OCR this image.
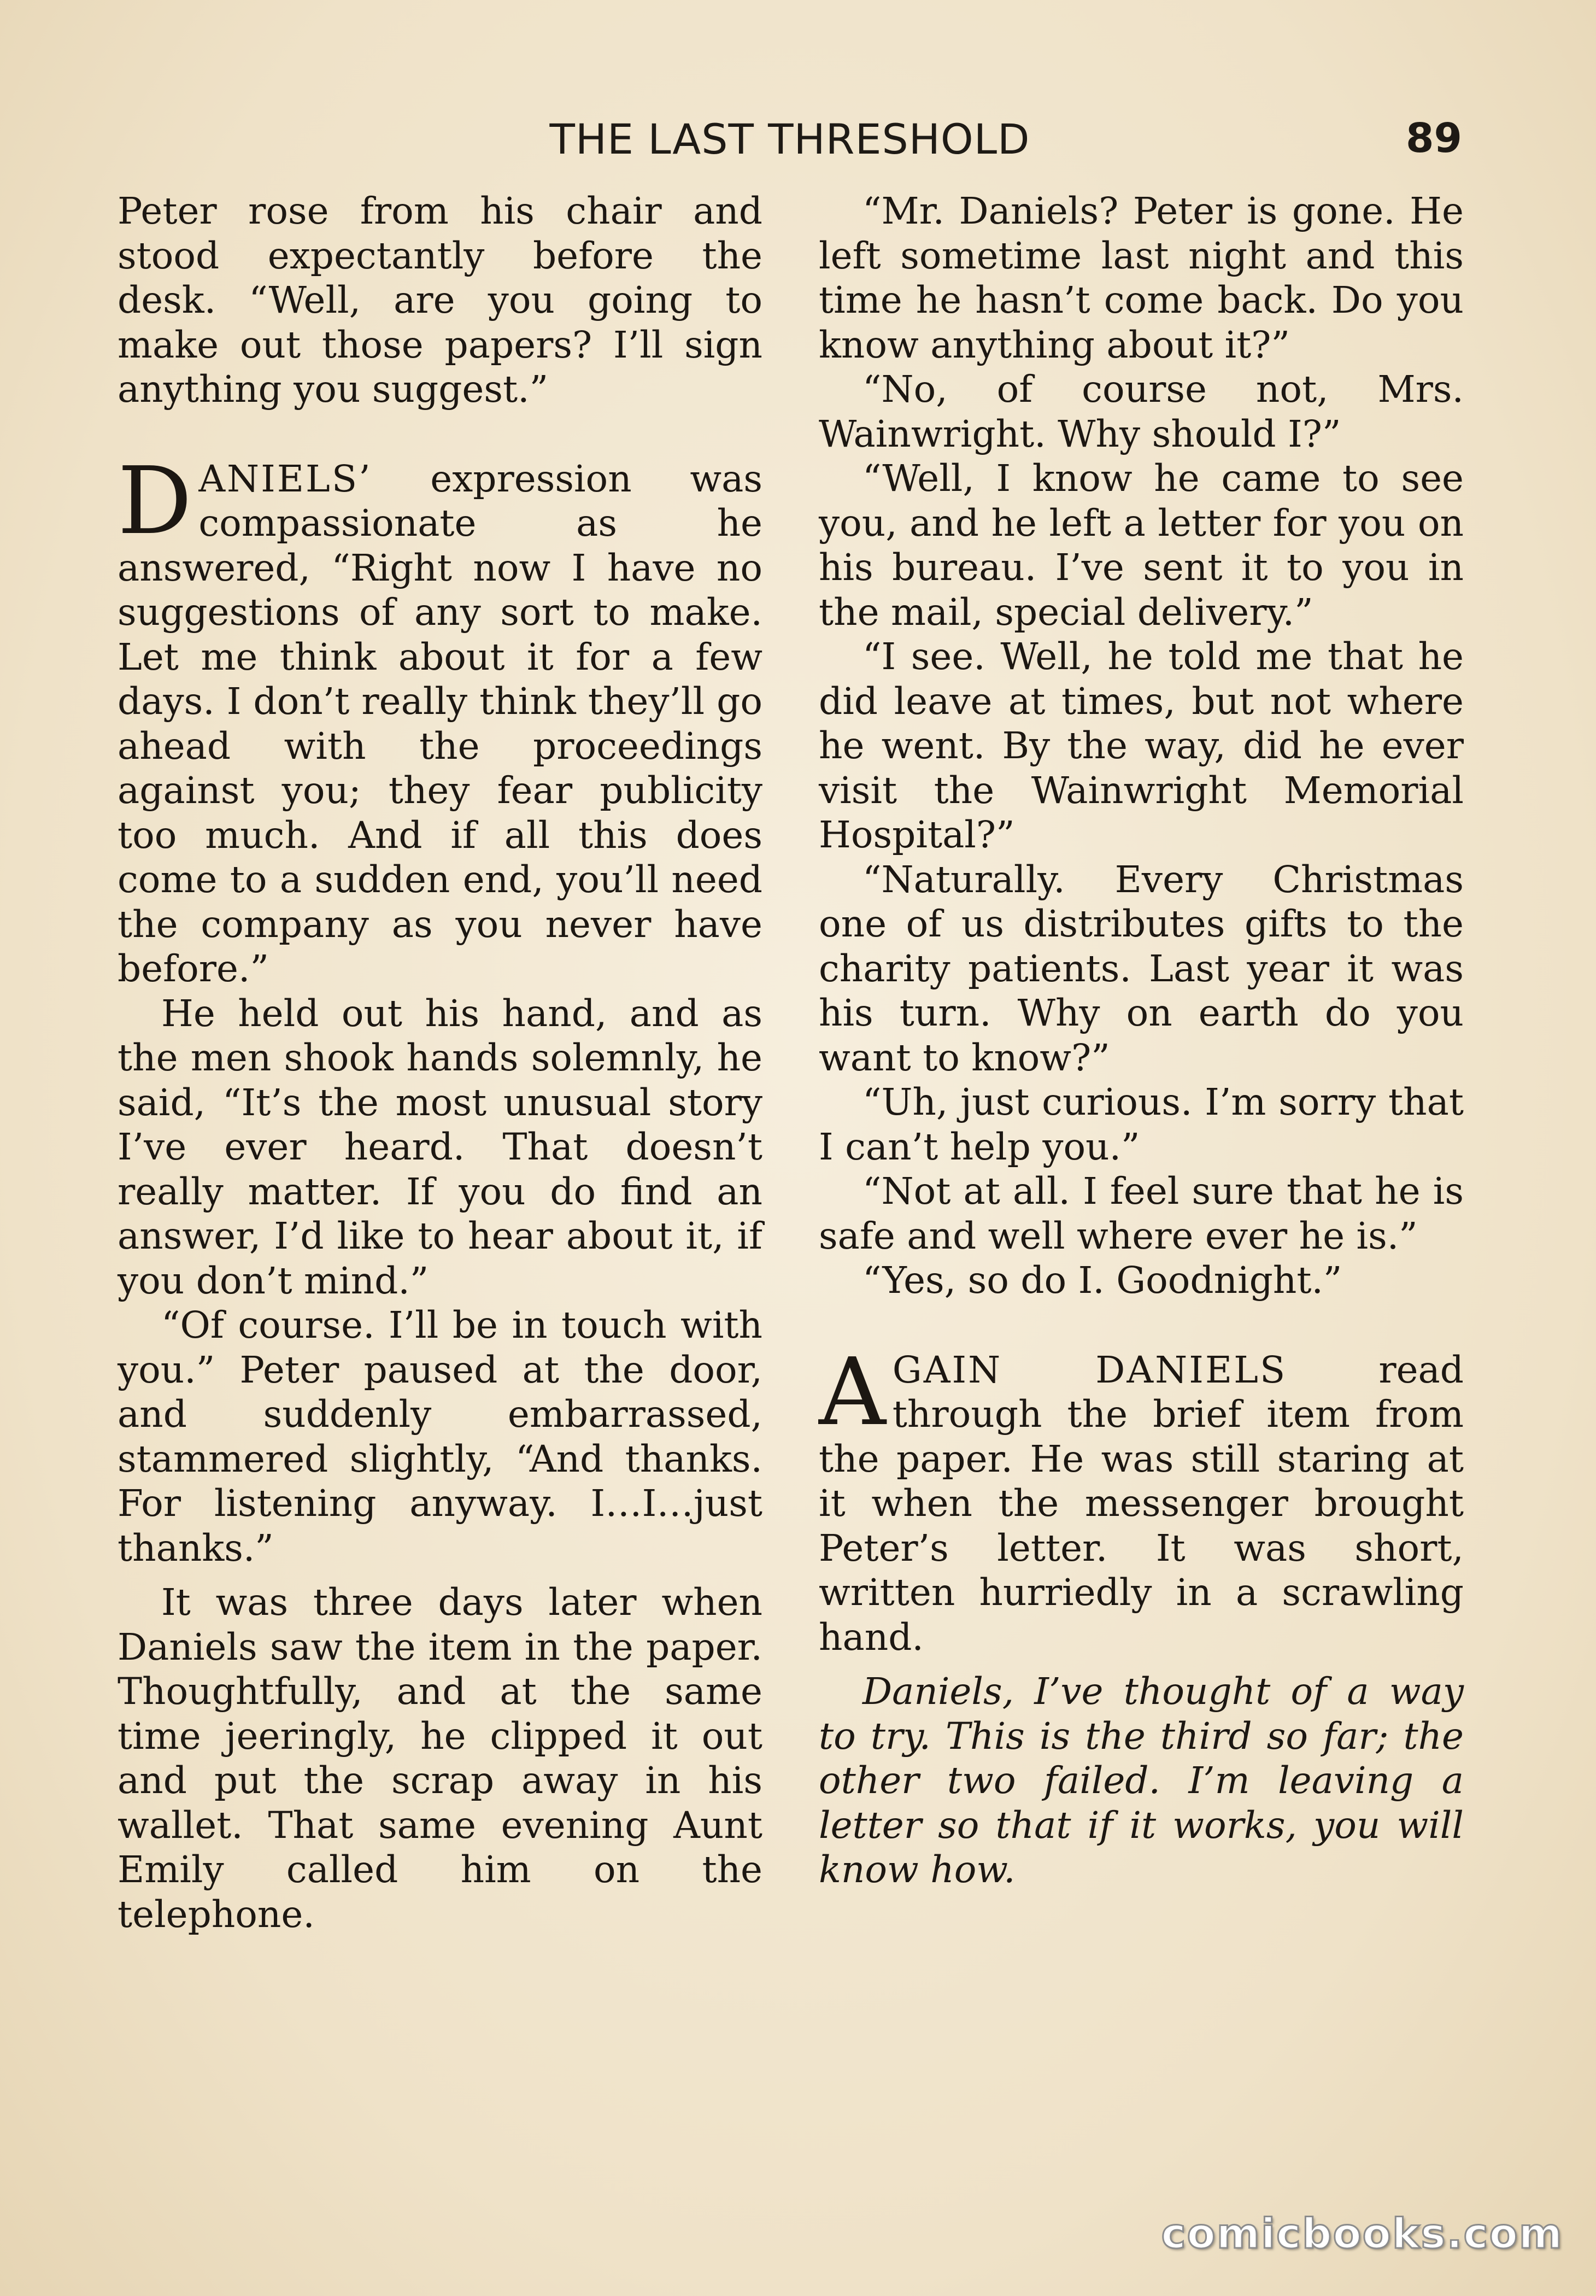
THE LAST THRESHOLD	89

Peter rose from his chair and stood expectantly before the desk. “Well, are you going to make out those papers? I’ll sign anything you suggest.”

DANIELS’ expression was compassionate as he answered, “Right now I have no suggestions of any sort to make. Let me think about it for a few days. I don’t really think they’ll go ahead with the proceedings against you; they fear publicity too much. And if all this does come to a sudden end, you’ll need the company as you never have before.”

He held out his hand, and as the men shook hands solemnly, he said, “It’s the most unusual story I’ve ever heard. That doesn’t really matter. If you do find an answer, I’d like to hear about it, if you don’t mind.”

“Of course. I’ll be in touch with you.” Peter paused at the door, and suddenly embarrassed, stammered slightly, “And thanks. For listening anyway. I…I…just thanks.”

It was three days later when Daniels saw the item in the paper. Thoughtfully, and at the same time jeeringly, he clipped it out and put the scrap away in his wallet. That same evening Aunt Emily called him on the telephone.

“Mr. Daniels? Peter is gone. He left sometime last night and this time he hasn’t come back. Do you know anything about it?”

“No, of course not, Mrs. Wainwright. Why should I?”

“Well, I know he came to see you, and he left a letter for you on his bureau. I’ve sent it to you in the mail, special delivery.”

“I see. Well, he told me that he did leave at times, but not where he went. By the way, did he ever visit the Wainwright Memorial Hospital?”

“Naturally. Every Christmas one of us distributes gifts to the charity patients. Last year it was his turn. Why on earth do you want to know?”

“Uh, just curious. I’m sorry that I can’t help you.”

“Not at all. I feel sure that he is safe and well where ever he is.”

“Yes, so do I. Goodnight.”

AGAIN DANIELS read through the brief item from the paper. He was still staring at it when the messenger brought Peter’s letter. It was short, written hurriedly in a scrawling hand.

Daniels, I’ve thought of a way to try. This is the third so far; the other two failed. I’m leaving a letter so that if it works, you will know how.

comicbooks.com
